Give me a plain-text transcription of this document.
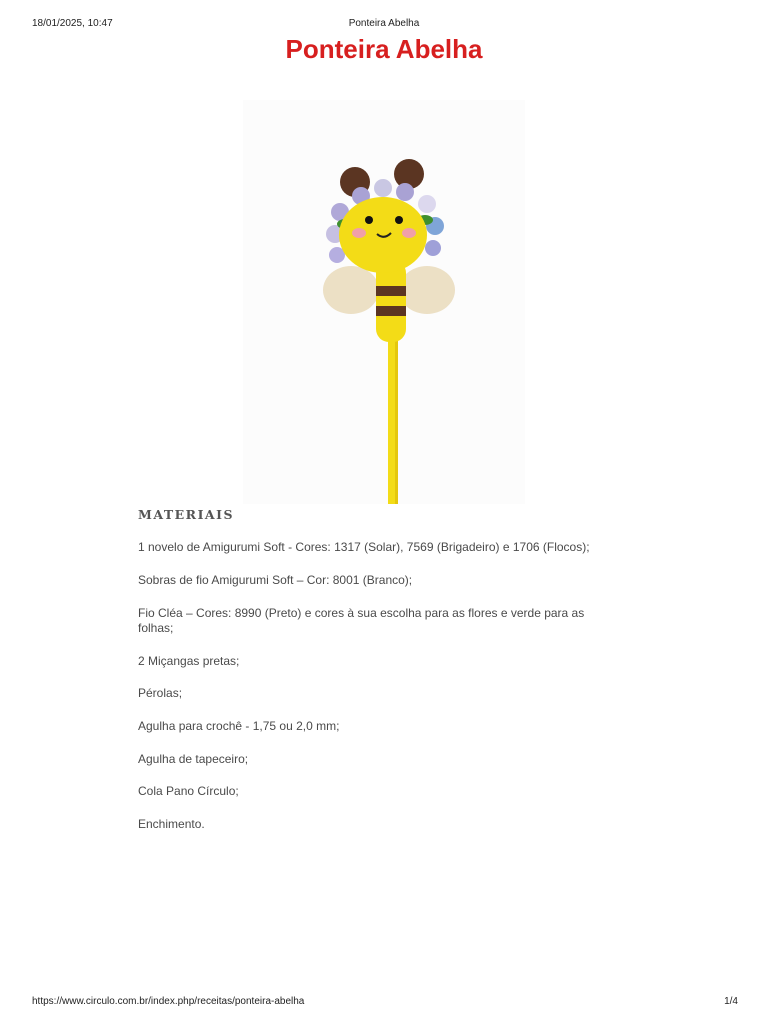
18/01/2025, 10:47	Ponteira Abelha
Ponteira Abelha
MATERIAIS
1 novelo de Amigurumi Soft - Cores: 1317 (Solar), 7569 (Brigadeiro) e 1706 (Flocos);
Sobras de fio Amigurumi Soft – Cor: 8001 (Branco);
Fio Cléa – Cores: 8990 (Preto) e cores à sua escolha para as flores e verde para as folhas;
2 Miçangas pretas;
Pérolas;
Agulha para crochê - 1,75 ou 2,0 mm;
Agulha de tapeceiro;
Cola Pano Círculo;
Enchimento.
https://www.circulo.com.br/index.php/receitas/ponteira-abelha	1/4
